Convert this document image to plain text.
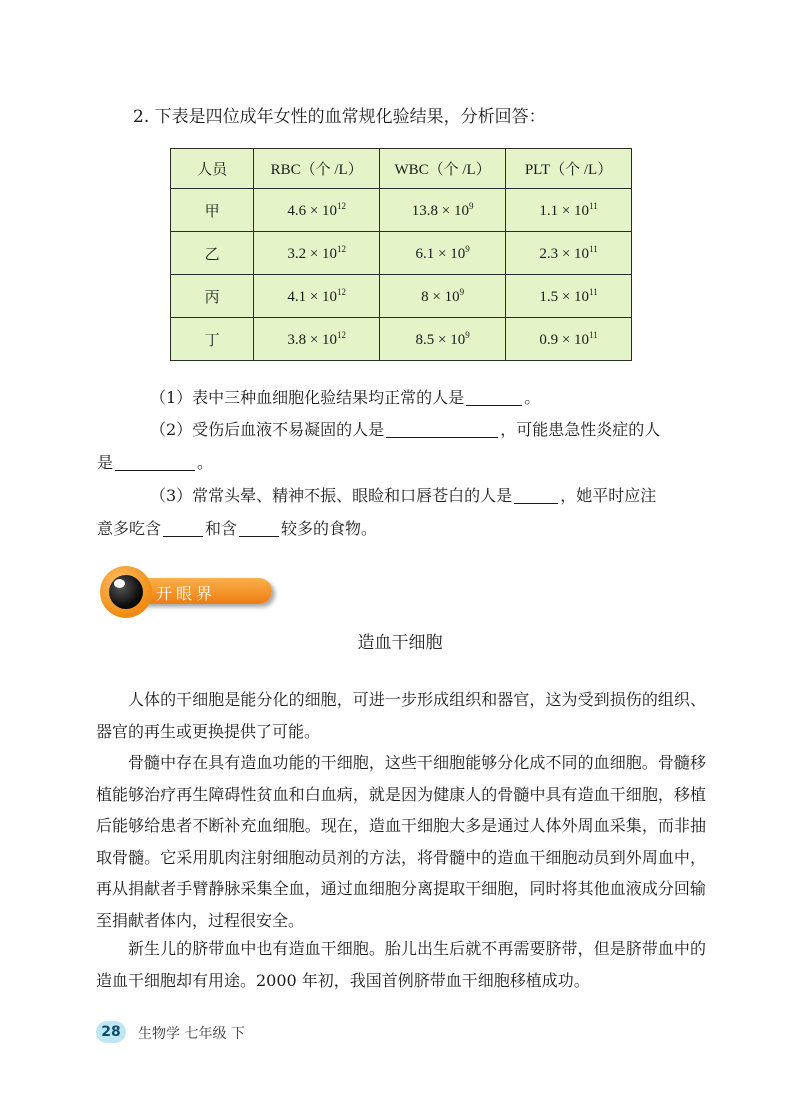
2. 下表是四位成年女性的血常规化验结果，分析回答：
人员	RBC（个 /L）	WBC（个 /L）	PLT（个 /L）
甲	$4.6 \times 10^{12}$	$13.8 \times 10^9$	$1.1 \times 10^{11}$
乙	$3.2 \times 10^{12}$	$6.1 \times 10^9$	$2.3 \times 10^{11}$
丙	$4.1 \times 10^{12}$	$8 \times 10^9$	$1.5 \times 10^{11}$
丁	$3.8 \times 10^{12}$	$8.5 \times 10^9$	$0.9 \times 10^{11}$
（1）表中三种血细胞化验结果均正常的人是	。
（2）受伤后血液不易凝固的人是	，可能患急性炎症的人
是	。
（3）常常头晕、精神不振、眼睑和口唇苍白的人是	，她平时应注
意多吃含	和含	较多的食物。
开眼界
造血干细胞
人体的干细胞是能分化的细胞，可进一步形成组织和器官，这为受到损伤的组织、器官的再生或更换提供了可能。
骨髓中存在具有造血功能的干细胞，这些干细胞能够分化成不同的血细胞。骨髓移植能够治疗再生障碍性贫血和白血病，就是因为健康人的骨髓中具有造血干细胞，移植后能够给患者不断补充血细胞。现在，造血干细胞大多是通过人体外周血采集，而非抽取骨髓。它采用肌肉注射细胞动员剂的方法，将骨髓中的造血干细胞动员到外周血中，再从捐献者手臂静脉采集全血，通过血细胞分离提取干细胞，同时将其他血液成分回输至捐献者体内，过程很安全。
新生儿的脐带血中也有造血干细胞。胎儿出生后就不再需要脐带，但是脐带血中的造血干细胞却有用途。2000 年初，我国首例脐带血干细胞移植成功。
28	生物学 七年级 下
